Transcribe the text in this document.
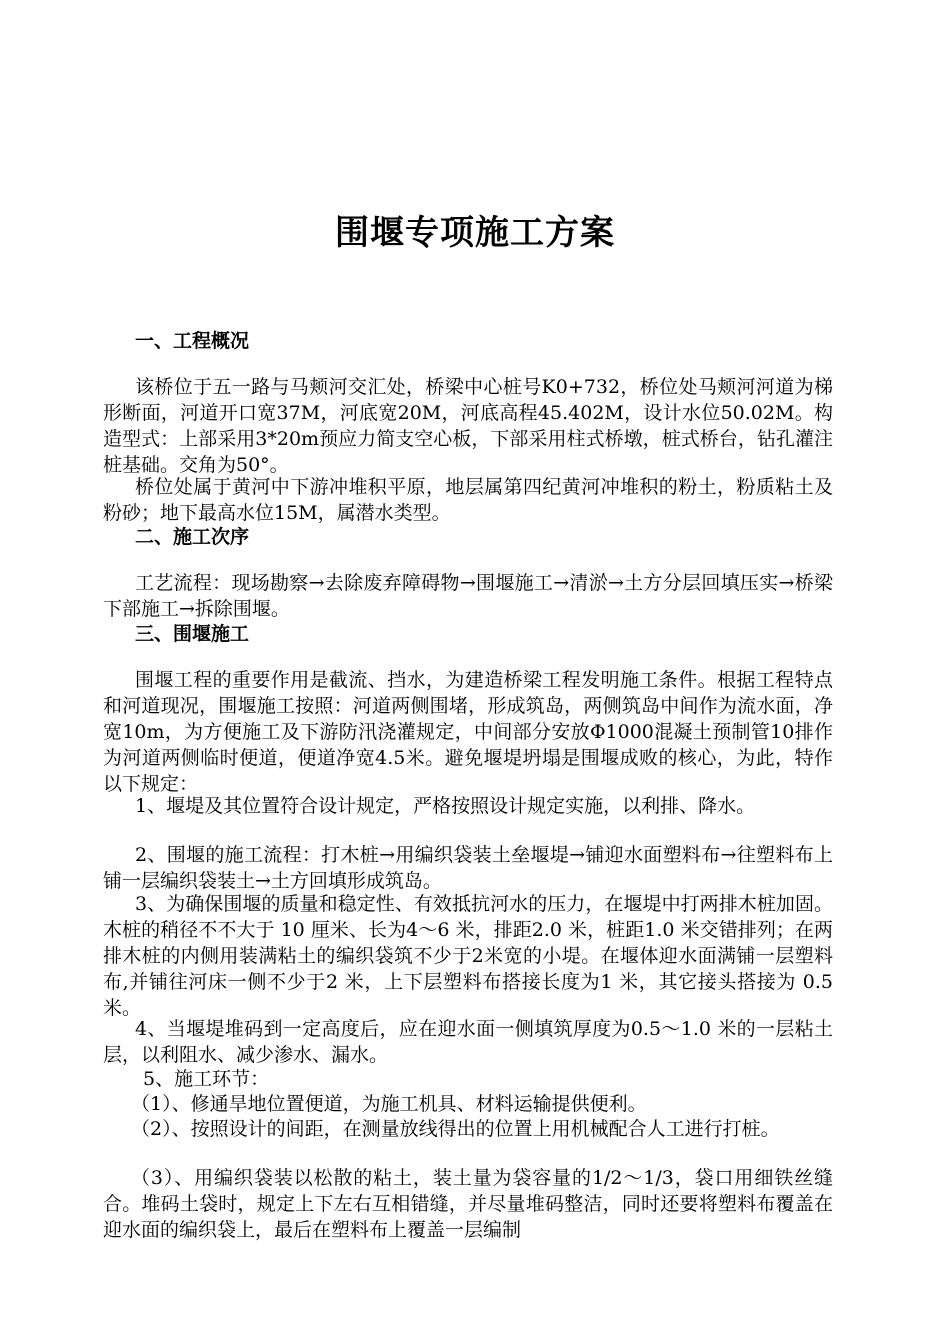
围堰专项施工方案
一、工程概况
该桥位于五一路与马颊河交汇处，桥梁中心桩号K0+732，桥位处马颊河河道为梯形断面，河道开口宽37M，河底宽20M，河底高程45.402M，设计水位50.02M。构造型式：上部采用3*20m预应力简支空心板，下部采用柱式桥墩，桩式桥台，钻孔灌注桩基础。交角为50°。
桥位处属于黄河中下游冲堆积平原，地层属第四纪黄河冲堆积的粉土，粉质粘土及粉砂；地下最高水位15M，属潜水类型。
二、施工次序
工艺流程：现场勘察→去除废弃障碍物→围堰施工→清淤→土方分层回填压实→桥梁下部施工→拆除围堰。
三、围堰施工
围堰工程的重要作用是截流、挡水，为建造桥梁工程发明施工条件。根据工程特点和河道现况，围堰施工按照：河道两侧围堵，形成筑岛，两侧筑岛中间作为流水面，净宽10m，为方便施工及下游防汛浇灌规定，中间部分安放Φ1000混凝土预制管10排作为河道两侧临时便道，便道净宽4.5米。避免堰堤坍塌是围堰成败的核心，为此，特作以下规定：
1、堰堤及其位置符合设计规定，严格按照设计规定实施，以利排、降水。
2、围堰的施工流程：打木桩→用编织袋装土垒堰堤→铺迎水面塑料布→往塑料布上铺一层编织袋装土→土方回填形成筑岛。
3、为确保围堰的质量和稳定性、有效抵抗河水的压力，在堰堤中打两排木桩加固。木桩的稍径不不大于 10 厘米、长为4～6 米，排距2.0 米，桩距1.0 米交错排列；在两排木桩的内侧用装满粘土的编织袋筑不少于2米宽的小堤。在堰体迎水面满铺一层塑料布,并铺往河床一侧不少于2 米，上下层塑料布搭接长度为1 米，其它接头搭接为 0.5 米。
4、当堰堤堆码到一定高度后，应在迎水面一侧填筑厚度为0.5～1.0 米的一层粘土层，以利阻水、减少渗水、漏水。
5、施工环节：
（1）、修通旱地位置便道，为施工机具、材料运输提供便利。
（2）、按照设计的间距，在测量放线得出的位置上用机械配合人工进行打桩。
（3）、用编织袋装以松散的粘土，装土量为袋容量的1/2～1/3，袋口用细铁丝缝合。堆码土袋时，规定上下左右互相错缝，并尽量堆码整洁，同时还要将塑料布覆盖在迎水面的编织袋上，最后在塑料布上覆盖一层编制
